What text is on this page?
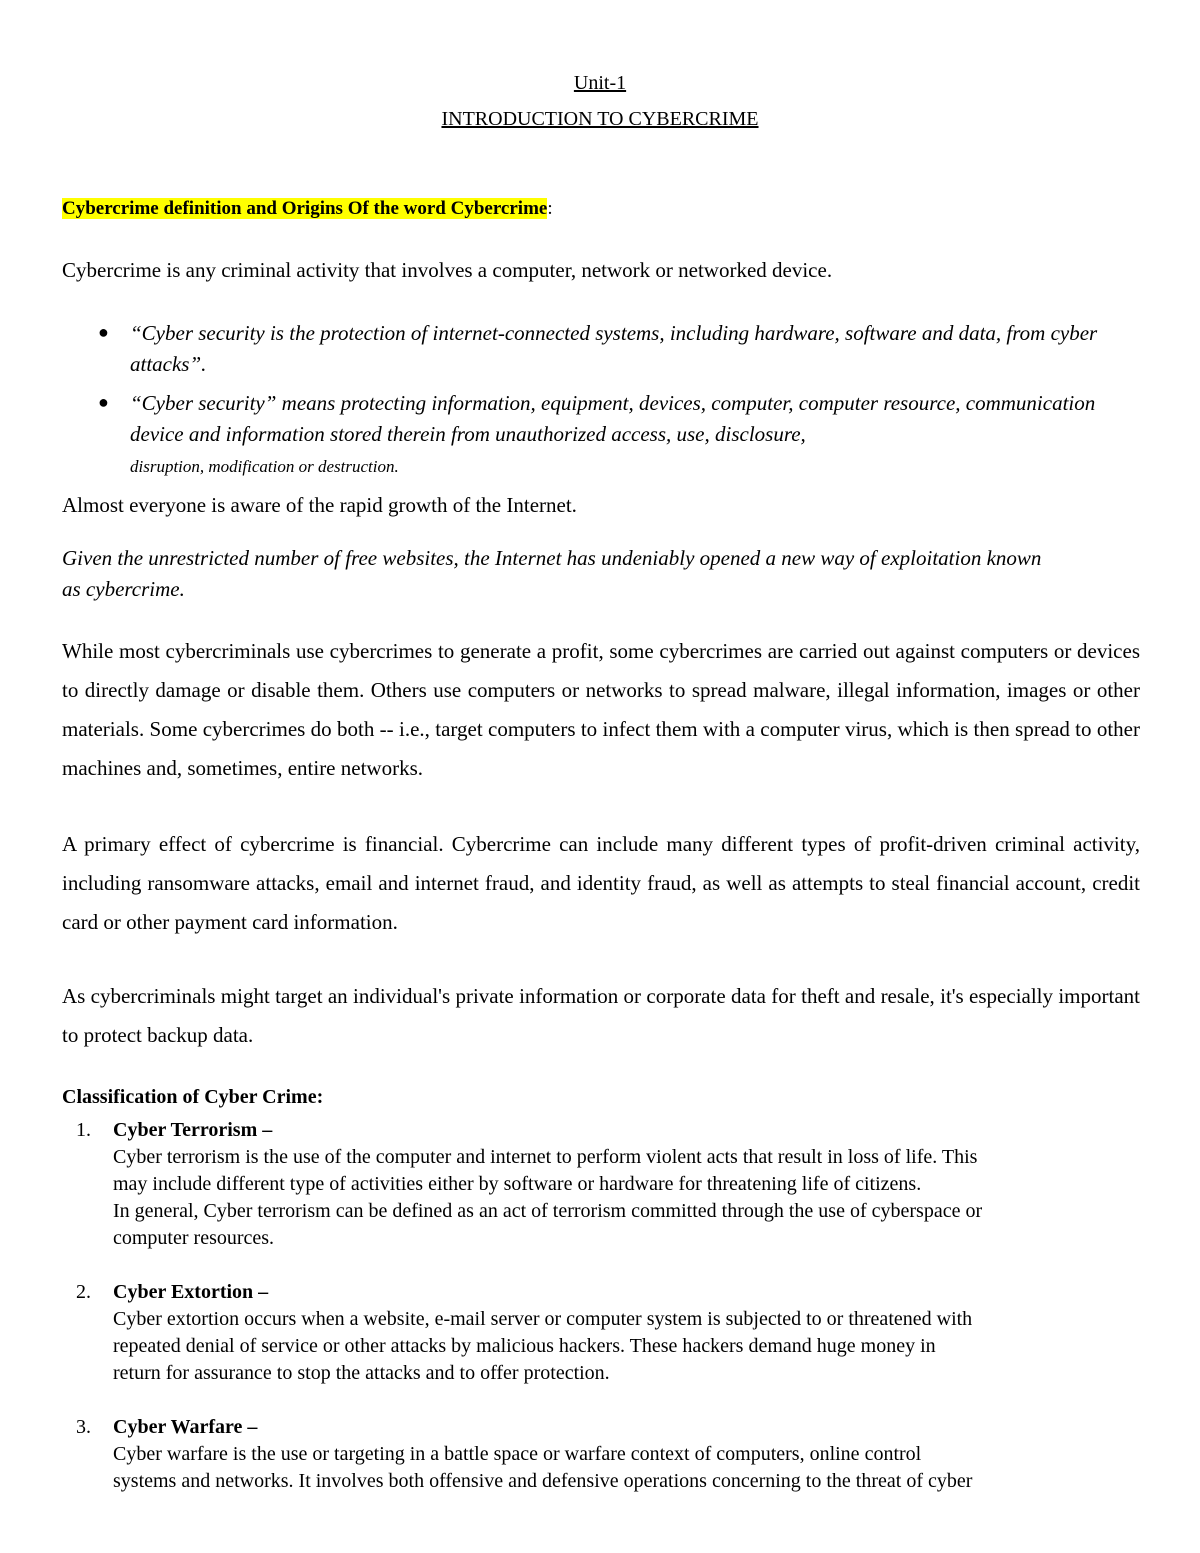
Unit-1
INTRODUCTION TO CYBERCRIME
Cybercrime definition and Origins Of the word Cybercrime:
Cybercrime is any criminal activity that involves a computer, network or networked device.
● “Cyber security is the protection of internet-connected systems, including hardware, software and data, from cyber attacks”.
● “Cyber security” means protecting information, equipment, devices, computer, computer resource, communication device and information stored therein from unauthorized access, use, disclosure,
disruption, modification or destruction.
Almost everyone is aware of the rapid growth of the Internet.
Given the unrestricted number of free websites, the Internet has undeniably opened a new way of exploitation known as cybercrime.
While most cybercriminals use cybercrimes to generate a profit, some cybercrimes are carried out against computers or devices to directly damage or disable them. Others use computers or networks to spread malware, illegal information, images or other materials. Some cybercrimes do both -- i.e., target computers to infect them with a computer virus, which is then spread to other machines and, sometimes, entire networks.
A primary effect of cybercrime is financial. Cybercrime can include many different types of profit-driven criminal activity, including ransomware attacks, email and internet fraud, and identity fraud, as well as attempts to steal financial account, credit card or other payment card information.
As cybercriminals might target an individual's private information or corporate data for theft and resale, it's especially important to protect backup data.
Classification of Cyber Crime:
1. Cyber Terrorism –
Cyber terrorism is the use of the computer and internet to perform violent acts that result in loss of life. This
may include different type of activities either by software or hardware for threatening life of citizens.
In general, Cyber terrorism can be defined as an act of terrorism committed through the use of cyberspace or
computer resources.
2. Cyber Extortion –
Cyber extortion occurs when a website, e-mail server or computer system is subjected to or threatened with
repeated denial of service or other attacks by malicious hackers. These hackers demand huge money in
return for assurance to stop the attacks and to offer protection.
3. Cyber Warfare –
Cyber warfare is the use or targeting in a battle space or warfare context of computers, online control
systems and networks. It involves both offensive and defensive operations concerning to the threat of cyber
